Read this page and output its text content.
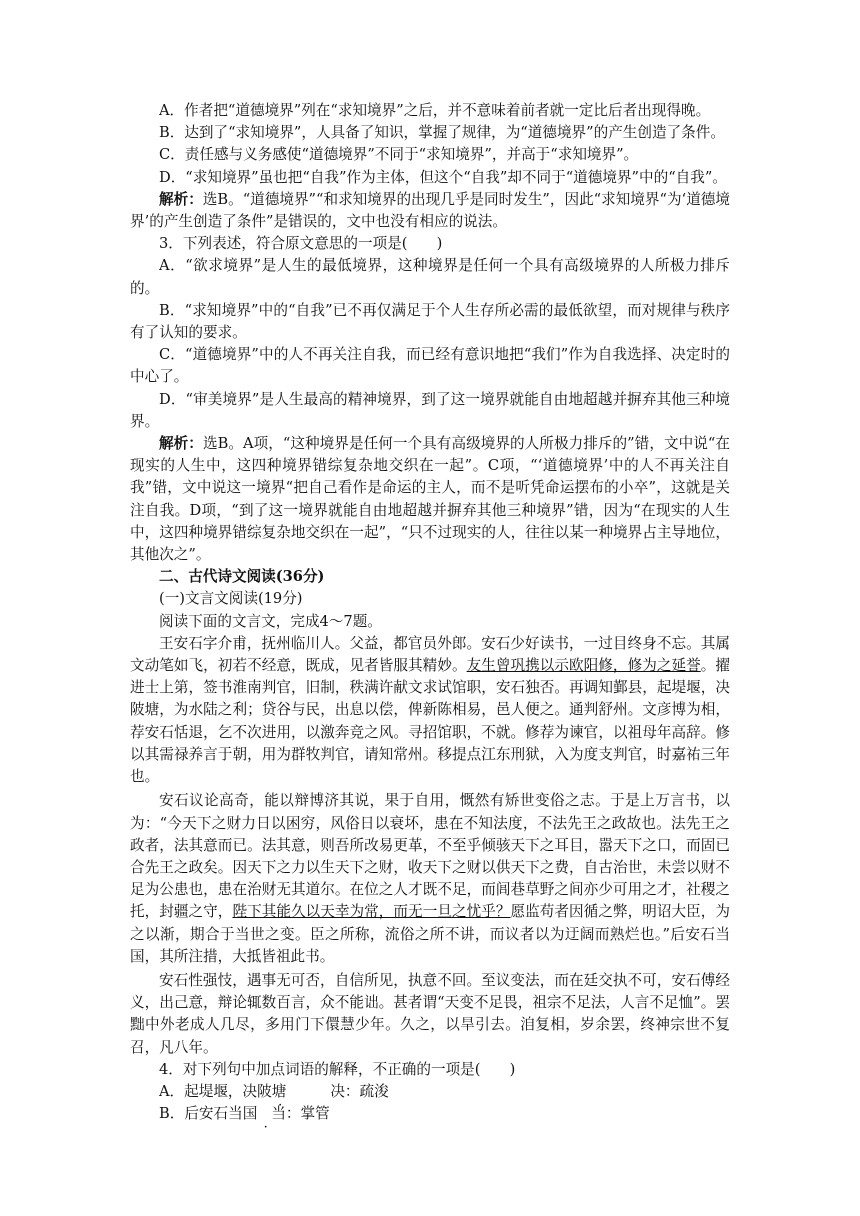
A．作者把“道德境界”列在“求知境界”之后，并不意味着前者就一定比后者出现得晚。

B．达到了“求知境界”，人具备了知识，掌握了规律，为“道德境界”的产生创造了条件。

C．责任感与义务感使“道德境界”不同于“求知境界”，并高于“求知境界”。

D．“求知境界”虽也把“自我”作为主体，但这个“自我”却不同于“道德境界”中的“自我”。

解析：选B。“道德境界”“和求知境界的出现几乎是同时发生”，因此“求知境界“为‘道德境界’的产生创造了条件”是错误的，文中也没有相应的说法。

3．下列表述，符合原文意思的一项是(　　)

A．“欲求境界”是人生的最低境界，这种境界是任何一个具有高级境界的人所极力排斥的。

B．“求知境界”中的“自我”已不再仅满足于个人生存所必需的最低欲望，而对规律与秩序有了认知的要求。

C．“道德境界”中的人不再关注自我，而已经有意识地把“我们”作为自我选择、决定时的中心了。

D．“审美境界”是人生最高的精神境界，到了这一境界就能自由地超越并摒弃其他三种境界。

解析：选B。A项，“这种境界是任何一个具有高级境界的人所极力排斥的”错，文中说“在现实的人生中，这四种境界错综复杂地交织在一起”。C项，“‘道德境界’中的人不再关注自我”错，文中说这一境界“把自己看作是命运的主人，而不是听凭命运摆布的小卒”，这就是关注自我。D项，“到了这一境界就能自由地超越并摒弃其他三种境界”错，因为“在现实的人生中，这四种境界错综复杂地交织在一起”，“只不过现实的人，往往以某一种境界占主导地位，其他次之”。

二、古代诗文阅读(36分)

(一)文言文阅读(19分)

阅读下面的文言文，完成4～7题。

王安石字介甫，抚州临川人。父益，都官员外郎。安石少好读书，一过目终身不忘。其属文动笔如飞，初若不经意，既成，见者皆服其精妙。友生曾巩携以示欧阳修，修为之延誉。擢进士上第，签书淮南判官，旧制，秩满许献文求试馆职，安石独否。再调知鄞县，起堤堰，决陂塘，为水陆之利；贷谷与民，出息以偿，俾新陈相易，邑人便之。通判舒州。文彦博为相，荐安石恬退，乞不次进用，以激奔竞之风。寻招馆职，不就。修荐为谏官，以祖母年高辞。修以其需禄养言于朝，用为群牧判官，请知常州。移提点江东刑狱，入为度支判官，时嘉祐三年也。

安石议论高奇，能以辩博济其说，果于自用，慨然有矫世变俗之志。于是上万言书，以为：“今天下之财力日以困穷，风俗日以衰坏，患在不知法度，不法先王之政故也。法先王之政者，法其意而已。法其意，则吾所改易更革，不至乎倾骇天下之耳目，嚣天下之口，而固已合先王之政矣。因天下之力以生天下之财，收天下之财以供天下之费，自古治世，未尝以财不足为公患也，患在治财无其道尔。在位之人才既不足，而闾巷草野之间亦少可用之才，社稷之托，封疆之守，陛下其能久以天幸为常，而无一旦之忧乎？愿监苟者因循之弊，明诏大臣，为之以渐，期合于当世之变。臣之所称，流俗之所不讲，而议者以为迂阔而熟烂也。”后安石当国，其所注措，大抵皆祖此书。

安石性强忮，遇事无可否，自信所见，执意不回。至议变法，而在廷交执不可，安石傅经义，出己意，辩论辄数百言，众不能诎。甚者谓“天变不足畏，祖宗不足法，人言不足恤”。罢黜中外老成人几尽，多用门下儇慧少年。久之，以旱引去。洎复相，岁余罢，终神宗世不复召，凡八年。

4．对下列句中加点词语的解释，不正确的一项是(　　)

A．起堤堰，决 ·陂塘	决：疏浚

B．后安石当 ·国 当：掌管
